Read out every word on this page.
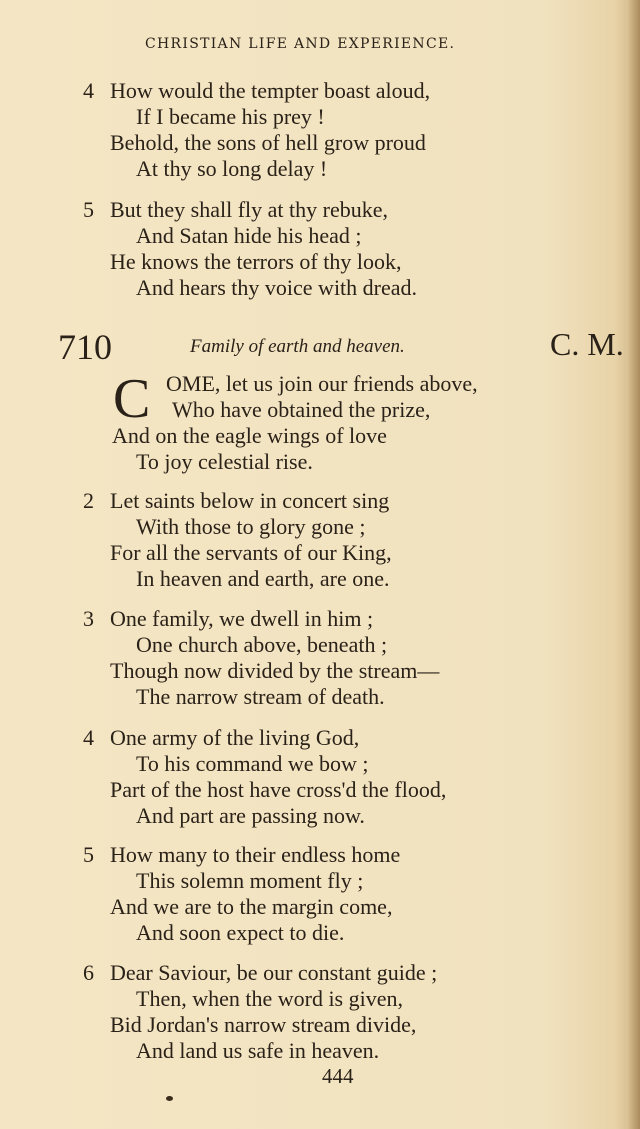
CHRISTIAN LIFE AND EXPERIENCE.
4 How would the tempter boast aloud,
If I became his prey !
Behold, the sons of hell grow proud
At thy so long delay !
5 But they shall fly at thy rebuke,
And Satan hide his head ;
He knows the terrors of thy look,
And hears thy voice with dread.
710	Family of earth and heaven.	C. M.
C OME, let us join our friends above,
Who have obtained the prize,
And on the eagle wings of love
To joy celestial rise.
2 Let saints below in concert sing
With those to glory gone ;
For all the servants of our King,
In heaven and earth, are one.
3 One family, we dwell in him ;
One church above, beneath ;
Though now divided by the stream—
The narrow stream of death.
4 One army of the living God,
To his command we bow ;
Part of the host have cross'd the flood,
And part are passing now.
5 How many to their endless home
This solemn moment fly ;
And we are to the margin come,
And soon expect to die.
6 Dear Saviour, be our constant guide ;
Then, when the word is given,
Bid Jordan's narrow stream divide,
And land us safe in heaven.
444
